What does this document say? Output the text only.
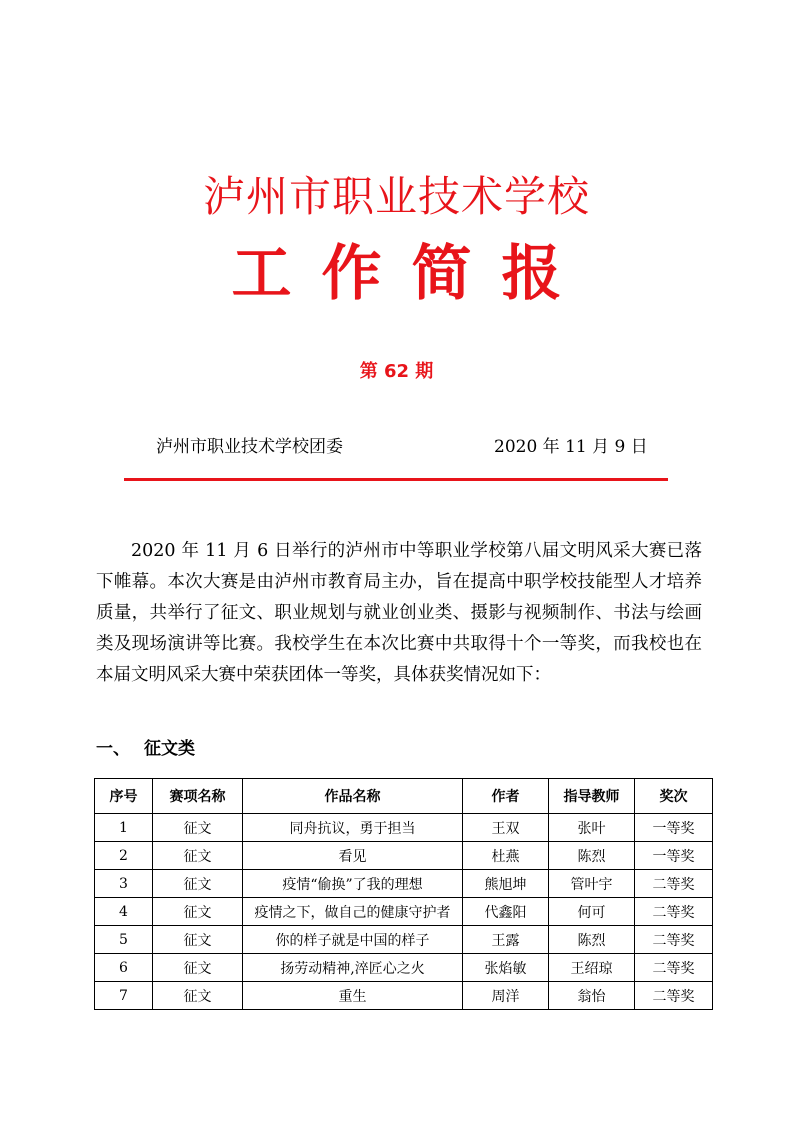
泸州市职业技术学校
工作简报
第 62 期
泸州市职业技术学校团委	2020 年 11 月 9 日
2020 年 11 月 6 日举行的泸州市中等职业学校第八届文明风采大赛已落下帷幕。本次大赛是由泸州市教育局主办，旨在提高中职学校技能型人才培养质量，共举行了征文、职业规划与就业创业类、摄影与视频制作、书法与绘画类及现场演讲等比赛。我校学生在本次比赛中共取得十个一等奖，而我校也在本届文明风采大赛中荣获团体一等奖，具体获奖情况如下：
一、 征文类
序号	赛项名称	作品名称	作者	指导教师	奖次
1	征文	同舟抗议，勇于担当	王双	张叶	一等奖
2	征文	看见	杜燕	陈烈	一等奖
3	征文	疫情“偷换”了我的理想	熊旭坤	管叶宇	二等奖
4	征文	疫情之下，做自己的健康守护者	代鑫阳	何可	二等奖
5	征文	你的样子就是中国的样子	王露	陈烈	二等奖
6	征文	扬劳动精神,淬匠心之火	张焰敏	王绍琼	二等奖
7	征文	重生	周洋	翁怡	二等奖
